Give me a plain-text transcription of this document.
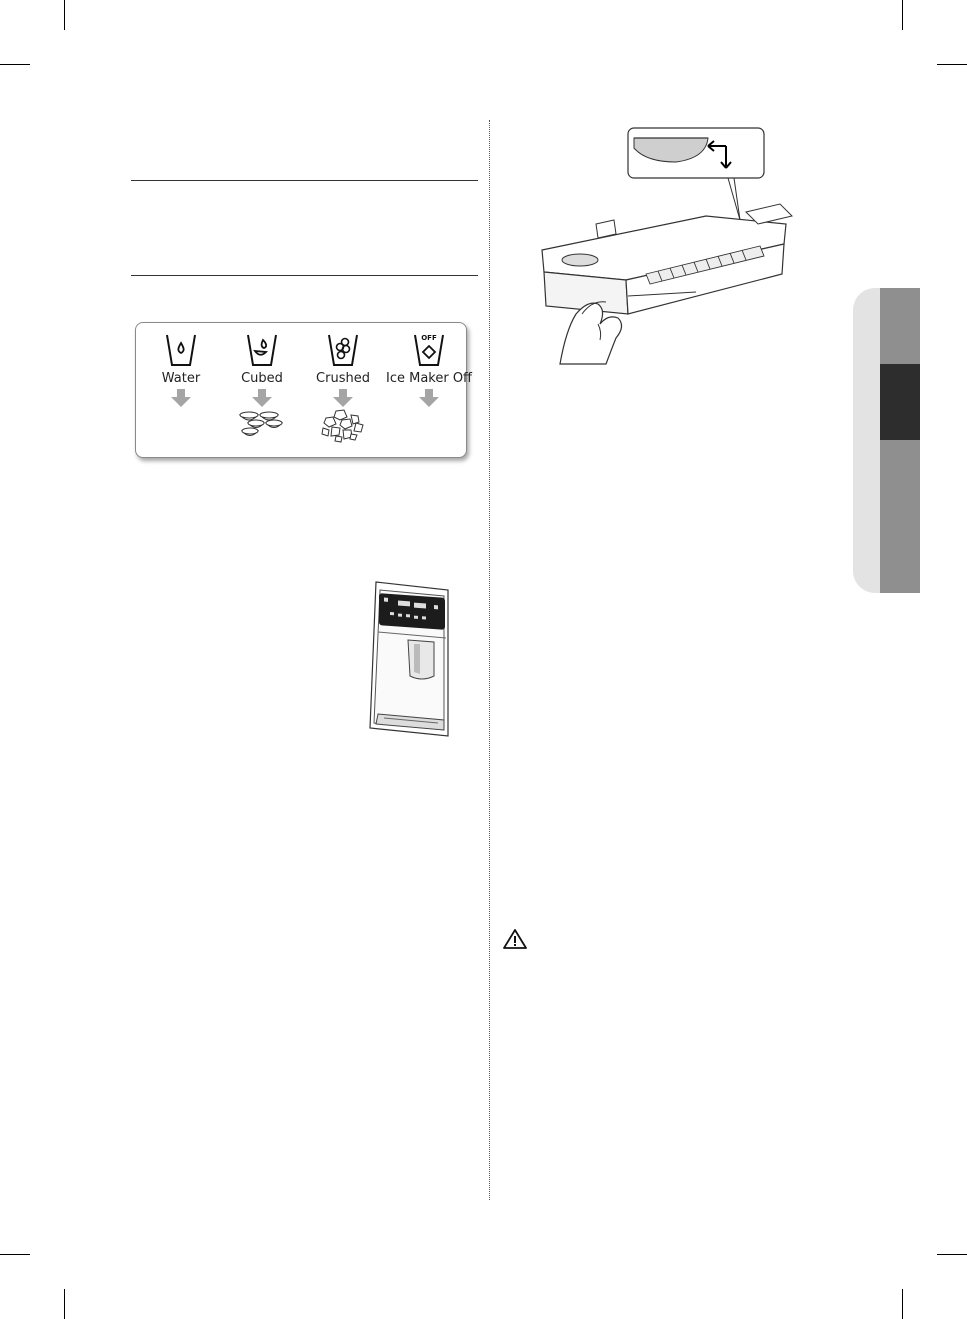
Water	Cubed	Crushed
OFF
Ice Maker Off
